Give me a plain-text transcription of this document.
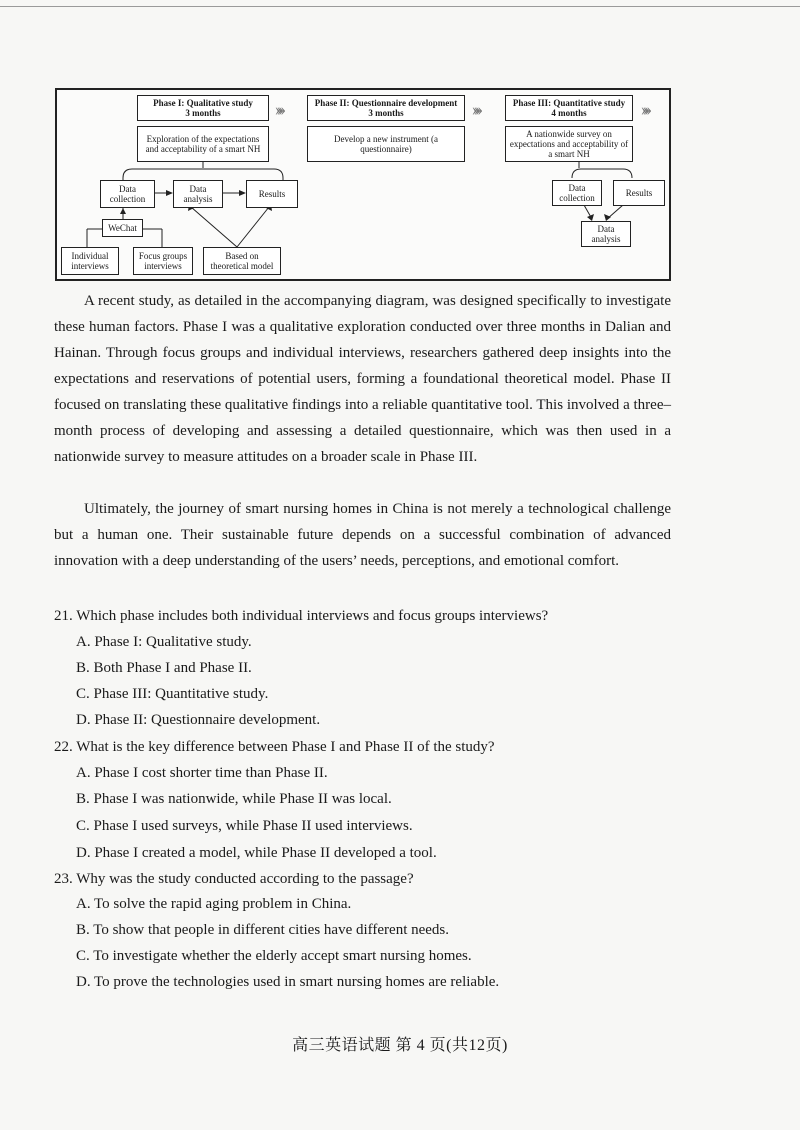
Phase I: Qualitative study
3 months	»»	Phase II: Questionnaire development
3 months	»»	Phase III: Quantitative study
4 months	»»
Exploration of the expectations and acceptability of a smart NH
Develop a new instrument (a questionnaire)
A nationwide survey on expectations and acceptability of a smart NH
Data collection
Data analysis	Results
WeChat
Individual interviews
Focus groups interviews
Based on theoretical model
Data collection	Results
Data analysis

A recent study, as detailed in the accompanying diagram, was designed specifically to investigate these human factors. Phase I was a qualitative exploration conducted over three months in Dalian and Hainan. Through focus groups and individual interviews, researchers gathered deep insights into the expectations and reservations of potential users, forming a foundational theoretical model. Phase II focused on translating these qualitative findings into a reliable quantitative tool. This involved a three–month process of developing and assessing a detailed questionnaire, which was then used in a nationwide survey to measure attitudes on a broader scale in Phase III.

Ultimately, the journey of smart nursing homes in China is not merely a technological challenge but a human one. Their sustainable future depends on a successful combination of advanced innovation with a deep understanding of the users’ needs, perceptions, and emotional comfort.

21. Which phase includes both individual interviews and focus groups interviews?

A. Phase I: Qualitative study.

B. Both Phase I and Phase II.

C. Phase III: Quantitative study.

D. Phase II: Questionnaire development.

22. What is the key difference between Phase I and Phase II of the study?

A. Phase I cost shorter time than Phase II.

B. Phase I was nationwide, while Phase II was local.

C. Phase I used surveys, while Phase II used interviews.

D. Phase I created a model, while Phase II developed a tool.

23. Why was the study conducted according to the passage?

A. To solve the rapid aging problem in China.

B. To show that people in different cities have different needs.

C. To investigate whether the elderly accept smart nursing homes.

D. To prove the technologies used in smart nursing homes are reliable.

高三英语试题 第 4 页(共12页)
